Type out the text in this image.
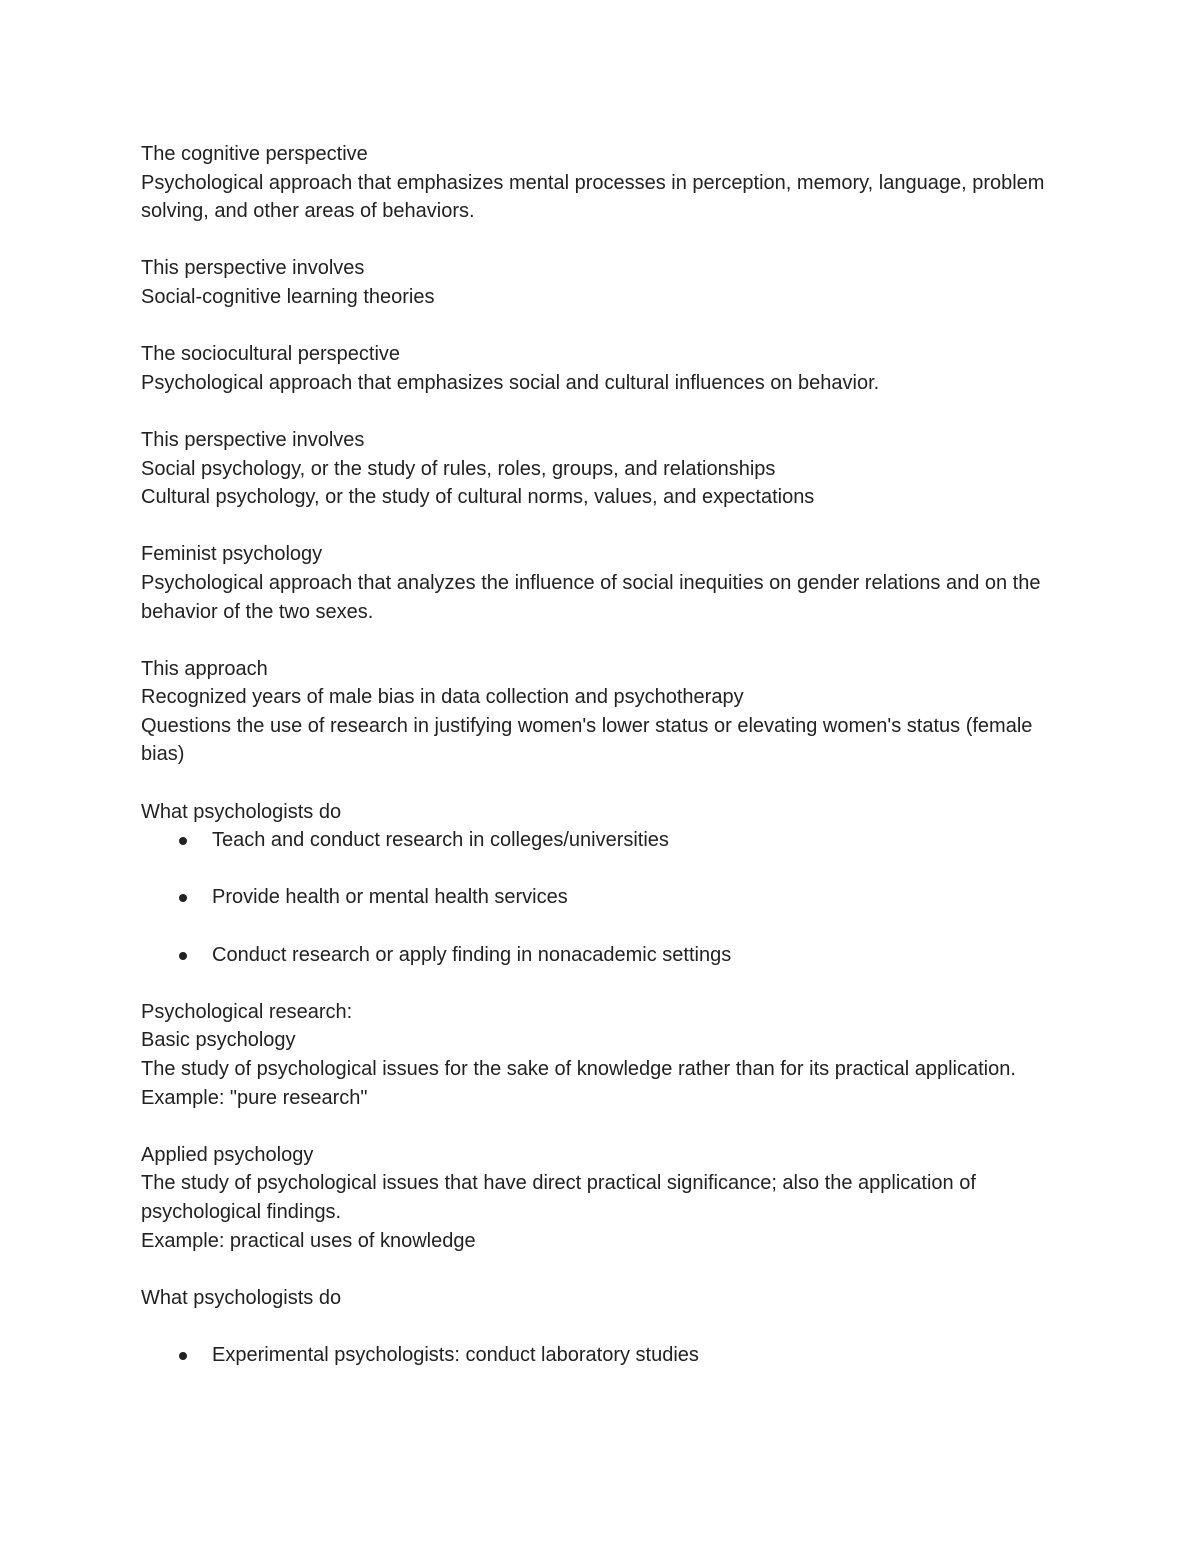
The cognitive perspective

Psychological approach that emphasizes mental processes in perception, memory, language, problem solving, and other areas of behaviors.

This perspective involves

Social-cognitive learning theories

The sociocultural perspective

Psychological approach that emphasizes social and cultural influences on behavior.

This perspective involves

Social psychology, or the study of rules, roles, groups, and relationships

Cultural psychology, or the study of cultural norms, values, and expectations

Feminist psychology

Psychological approach that analyzes the influence of social inequities on gender relations and on the behavior of the two sexes.

This approach

Recognized years of male bias in data collection and psychotherapy

Questions the use of research in justifying women's lower status or elevating women's status (female bias)

What psychologists do

Teach and conduct research in colleges/universities
Provide health or mental health services
Conduct research or apply finding in nonacademic settings

Psychological research:

Basic psychology

The study of psychological issues for the sake of knowledge rather than for its practical application.

Example: "pure research"

Applied psychology

The study of psychological issues that have direct practical significance; also the application of psychological findings.

Example: practical uses of knowledge

What psychologists do

Experimental psychologists: conduct laboratory studies
